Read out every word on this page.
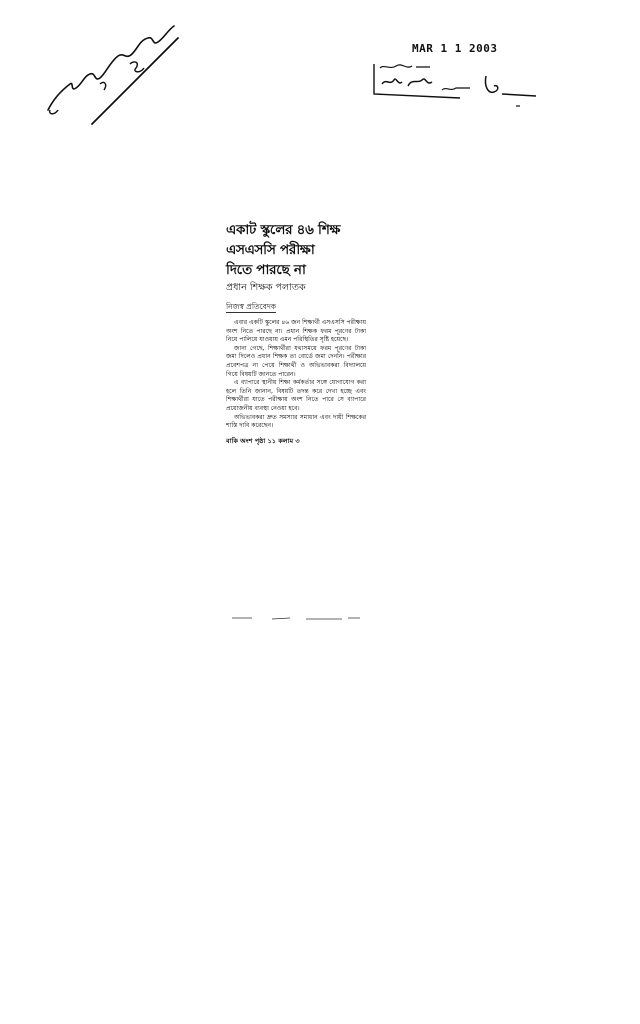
MAR 1 1 2003
একাট স্কুলের ৪৬ শিক্ষ
এসএসসি পরীক্ষা
দিতে পারছে না
প্রধান শিক্ষক পলাতক
নিজস্ব প্রতিবেদক

এবার একটি স্কুলের ৪৬ জন শিক্ষার্থী এসএসসি পরীক্ষায় অংশ নিতে পারছে না। প্রধান শিক্ষক ফরম পূরণের টাকা নিয়ে পালিয়ে যাওয়ায় এমন পরিস্থিতির সৃষ্টি হয়েছে।

জানা গেছে, শিক্ষার্থীরা যথাসময়ে ফরম পূরণের টাকা জমা দিলেও প্রধান শিক্ষক তা বোর্ডে জমা দেননি। পরীক্ষার প্রবেশপত্র না পেয়ে শিক্ষার্থী ও অভিভাবকরা বিদ্যালয়ে গিয়ে বিষয়টি জানতে পারেন।

এ ব্যাপারে স্থানীয় শিক্ষা কর্মকর্তার সঙ্গে যোগাযোগ করা হলে তিনি জানান, বিষয়টি তদন্ত করে দেখা হচ্ছে এবং শিক্ষার্থীরা যাতে পরীক্ষায় অংশ নিতে পারে সে ব্যাপারে প্রয়োজনীয় ব্যবস্থা নেওয়া হবে।

অভিভাবকরা দ্রুত সমস্যার সমাধান এবং দায়ী শিক্ষকের শাস্তি দাবি করেছেন।

বাকি অংশ পৃষ্ঠা ১১ কলাম ৩
